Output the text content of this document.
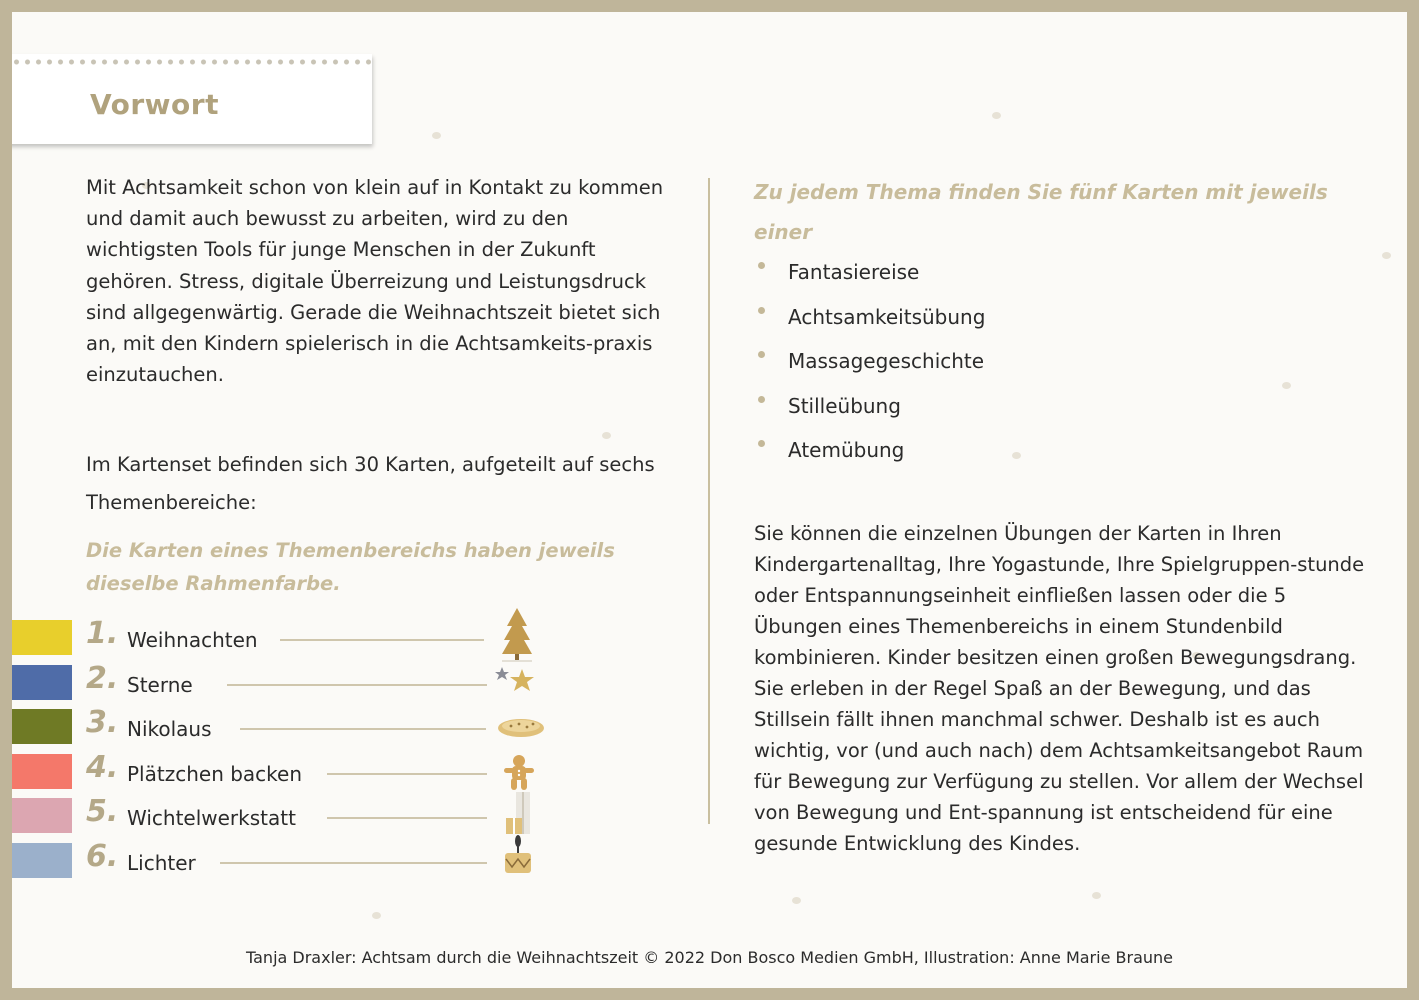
Vorwort

Mit Achtsamkeit schon von klein auf in Kontakt zu kommen und damit auch bewusst zu arbeiten, wird zu den wichtigsten Tools für junge Menschen in der Zukunft gehören. Stress, digitale Überreizung und Leistungsdruck sind allgegenwärtig. Gerade die Weihnachtszeit bietet sich an, mit den Kindern spielerisch in die Achtsamkeits-praxis einzutauchen.

Im Kartenset befinden sich 30 Karten, aufgeteilt auf sechs Themenbereiche:

Die Karten eines Themenbereichs haben jeweils dieselbe Rahmenfarbe.

1. Weihnachten
2. Sterne
3. Nikolaus
4. Plätzchen backen
5. Wichtelwerkstatt
6. Lichter

Zu jedem Thema finden Sie fünf Karten mit jeweils einer

Fantasiereise
Achtsamkeitsübung
Massagegeschichte
Stilleübung
Atemübung

Sie können die einzelnen Übungen der Karten in Ihren Kindergartenalltag, Ihre Yogastunde, Ihre Spielgruppen-stunde oder Entspannungseinheit einfließen lassen oder die 5 Übungen eines Themenbereichs in einem Stundenbild kombinieren. Kinder besitzen einen großen Bewegungsdrang. Sie erleben in der Regel Spaß an der Bewegung, und das Stillsein fällt ihnen manchmal schwer. Deshalb ist es auch wichtig, vor (und auch nach) dem Achtsamkeitsangebot Raum für Bewegung zur Verfügung zu stellen. Vor allem der Wechsel von Bewegung und Ent-spannung ist entscheidend für eine gesunde Entwicklung des Kindes.

Tanja Draxler: Achtsam durch die Weihnachtszeit © 2022 Don Bosco Medien GmbH, Illustration: Anne Marie Braune
